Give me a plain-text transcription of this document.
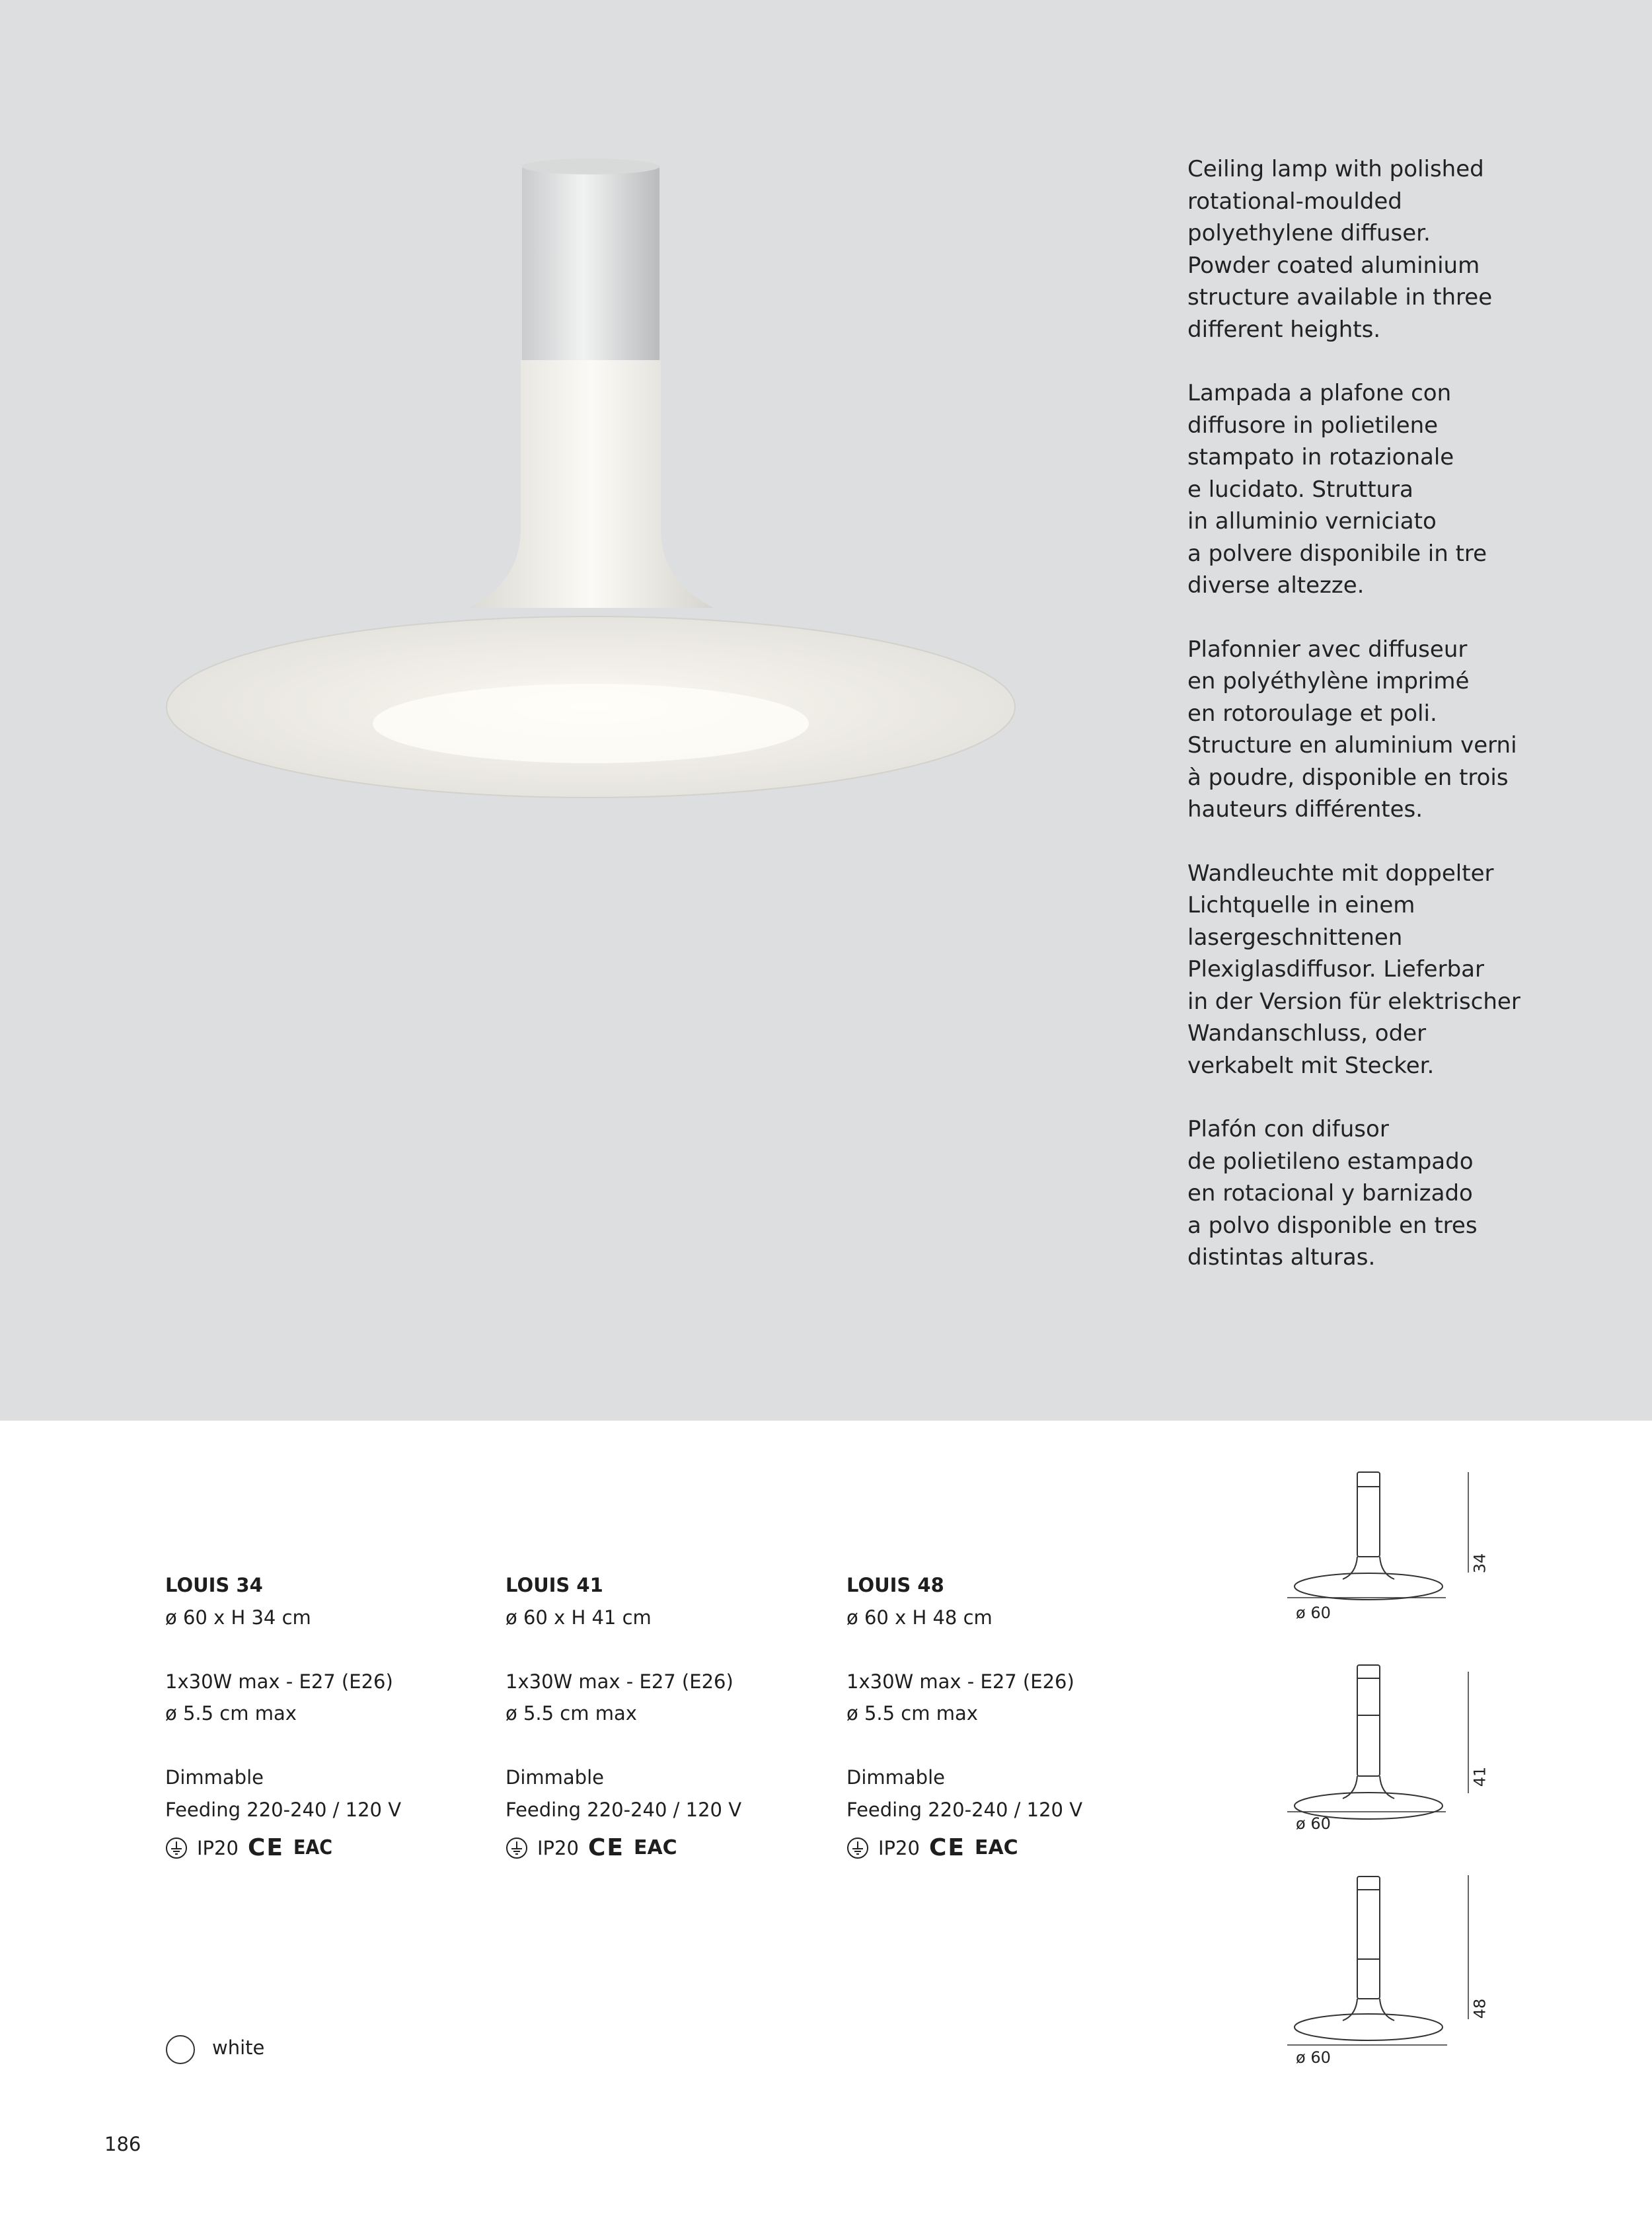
Ceiling lamp with polished
rotational-moulded
polyethylene diffuser.
Powder coated aluminium
structure available in three
different heights.

Lampada a plafone con
diffusore in polietilene
stampato in rotazionale
e lucidato. Struttura
in alluminio verniciato
a polvere disponibile in tre
diverse altezze.

Plafonnier avec diffuseur
en polyéthylène imprimé
en rotoroulage et poli.
Structure en aluminium verni
à poudre, disponible en trois
hauteurs différentes.

Wandleuchte mit doppelter
Lichtquelle in einem
lasergeschnittenen
Plexiglasdiffusor. Lieferbar
in der Version für elektrischer
Wandanschluss, oder
verkabelt mit Stecker.

Plafón con difusor
de polietileno estampado
en rotacional y barnizado
a polvo disponible en tres
distintas alturas.

LOUIS 34
ø 60 x H 34 cm
1x30W max - E27 (E26)
ø 5.5 cm max
Dimmable
Feeding 220-240 / 120 V
IP20 CE EAC
LOUIS 41
ø 60 x H 41 cm
1x30W max - E27 (E26)
ø 5.5 cm max
Dimmable
Feeding 220-240 / 120 V
IP20 CE EAC
LOUIS 48
ø 60 x H 48 cm
1x30W max - E27 (E26)
ø 5.5 cm max
Dimmable
Feeding 220-240 / 120 V
IP20 CE EAC
ø 60
34
ø 60
41
ø 60
48
white
186
